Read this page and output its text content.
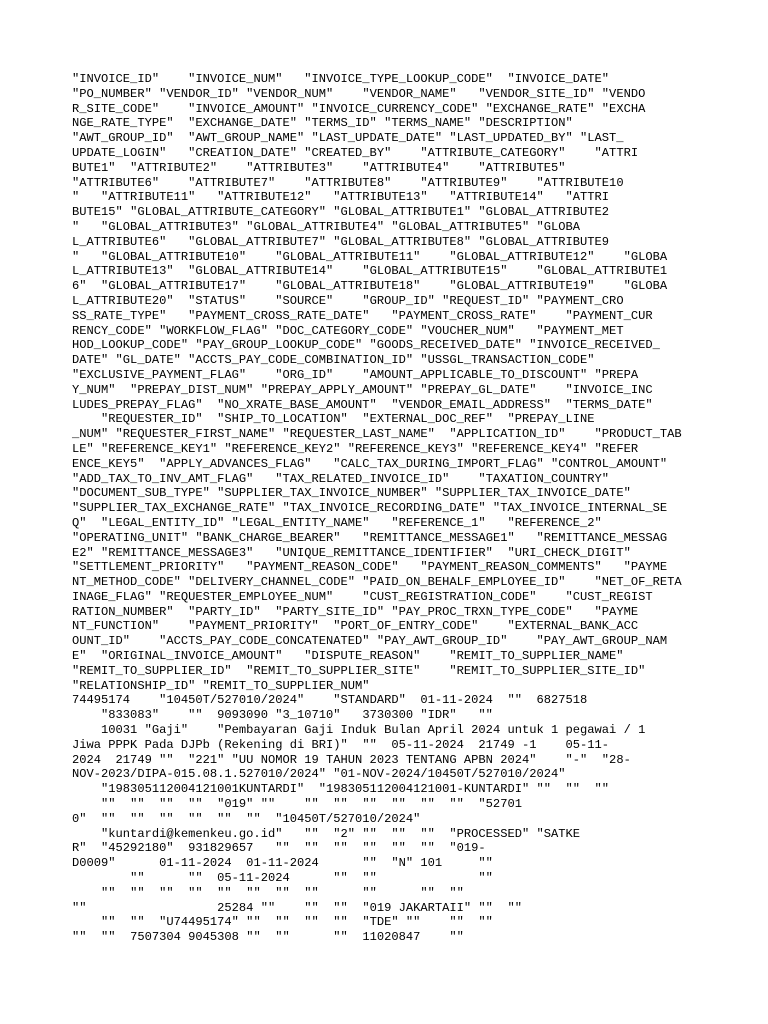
"INVOICE_ID"	"INVOICE_NUM"	"INVOICE_TYPE_LOOKUP_CODE"	"INVOICE_DATE"
"PO_NUMBER" "VENDOR_ID" "VENDOR_NUM"	"VENDOR_NAME"	"VENDOR_SITE_ID" "VENDO
R_SITE_CODE"	"INVOICE_AMOUNT" "INVOICE_CURRENCY_CODE" "EXCHANGE_RATE" "EXCHA
NGE_RATE_TYPE"	"EXCHANGE_DATE" "TERMS_ID" "TERMS_NAME"	"DESCRIPTION"
"AWT_GROUP_ID"	"AWT_GROUP_NAME" "LAST_UPDATE_DATE"	"LAST_UPDATED_BY" "LAST_
UPDATE_LOGIN"	"CREATION_DATE" "CREATED_BY"	"ATTRIBUTE_CATEGORY"	"ATTRI
BUTE1"	"ATTRIBUTE2"	"ATTRIBUTE3"	"ATTRIBUTE4"	"ATTRIBUTE5"
"ATTRIBUTE6"	"ATTRIBUTE7"	"ATTRIBUTE8"	"ATTRIBUTE9"	"ATTRIBUTE10
"	"ATTRIBUTE11"	"ATTRIBUTE12"	"ATTRIBUTE13"	"ATTRIBUTE14"	"ATTRI
BUTE15"	"GLOBAL_ATTRIBUTE_CATEGORY"	"GLOBAL_ATTRIBUTE1"	"GLOBAL_ATTRIBUTE2
"	"GLOBAL_ATTRIBUTE3"	"GLOBAL_ATTRIBUTE4"	"GLOBAL_ATTRIBUTE5"	"GLOBA
L_ATTRIBUTE6"	"GLOBAL_ATTRIBUTE7"	"GLOBAL_ATTRIBUTE8"	"GLOBAL_ATTRIBUTE9
"	"GLOBAL_ATTRIBUTE10"	"GLOBAL_ATTRIBUTE11"	"GLOBAL_ATTRIBUTE12"	"GLOBA
L_ATTRIBUTE13"	"GLOBAL_ATTRIBUTE14"	"GLOBAL_ATTRIBUTE15"	"GLOBAL_ATTRIBUTE1
6"	"GLOBAL_ATTRIBUTE17"	"GLOBAL_ATTRIBUTE18"	"GLOBAL_ATTRIBUTE19"	"GLOBA
L_ATTRIBUTE20"	"STATUS"	"SOURCE"	"GROUP_ID" "REQUEST_ID"	"PAYMENT_CRO
SS_RATE_TYPE"	"PAYMENT_CROSS_RATE_DATE"	"PAYMENT_CROSS_RATE"	"PAYMENT_CUR
RENCY_CODE" "WORKFLOW_FLAG"	"DOC_CATEGORY_CODE"	"VOUCHER_NUM"	"PAYMENT_MET
HOD_LOOKUP_CODE" "PAY_GROUP_LOOKUP_CODE" "GOODS_RECEIVED_DATE" "INVOICE_RECEIVED_
DATE" "GL_DATE"	"ACCTS_PAY_CODE_COMBINATION_ID"	"USSGL_TRANSACTION_CODE"
"EXCLUSIVE_PAYMENT_FLAG"	"ORG_ID"	"AMOUNT_APPLICABLE_TO_DISCOUNT"	"PREPA
Y_NUM"	"PREPAY_DIST_NUM" "PREPAY_APPLY_AMOUNT"	"PREPAY_GL_DATE"	"INVOICE_INC
LUDES_PREPAY_FLAG"	"NO_XRATE_BASE_AMOUNT"	"VENDOR_EMAIL_ADDRESS"	"TERMS_DATE"
	"REQUESTER_ID"	"SHIP_TO_LOCATION"	"EXTERNAL_DOC_REF"	"PREPAY_LINE
_NUM" "REQUESTER_FIRST_NAME" "REQUESTER_LAST_NAME"	"APPLICATION_ID"	"PRODUCT_TAB
LE"	"REFERENCE_KEY1" "REFERENCE_KEY2" "REFERENCE_KEY3" "REFERENCE_KEY4"	"REFER
ENCE_KEY5"	"APPLY_ADVANCES_FLAG"	"CALC_TAX_DURING_IMPORT_FLAG" "CONTROL_AMOUNT"
"ADD_TAX_TO_INV_AMT_FLAG"	"TAX_RELATED_INVOICE_ID"	"TAXATION_COUNTRY"
"DOCUMENT_SUB_TYPE"	"SUPPLIER_TAX_INVOICE_NUMBER" "SUPPLIER_TAX_INVOICE_DATE"
"SUPPLIER_TAX_EXCHANGE_RATE" "TAX_INVOICE_RECORDING_DATE" "TAX_INVOICE_INTERNAL_SE
Q"	"LEGAL_ENTITY_ID" "LEGAL_ENTITY_NAME"	"REFERENCE_1"	"REFERENCE_2"
"OPERATING_UNIT" "BANK_CHARGE_BEARER"	"REMITTANCE_MESSAGE1"	"REMITTANCE_MESSAG
E2"	"REMITTANCE_MESSAGE3"	"UNIQUE_REMITTANCE_IDENTIFIER"	"URI_CHECK_DIGIT"
"SETTLEMENT_PRIORITY"	"PAYMENT_REASON_CODE"	"PAYMENT_REASON_COMMENTS"	"PAYME
NT_METHOD_CODE"	"DELIVERY_CHANNEL_CODE" "PAID_ON_BEHALF_EMPLOYEE_ID"	"NET_OF_RETA
INAGE_FLAG" "REQUESTER_EMPLOYEE_NUM"	"CUST_REGISTRATION_CODE"	"CUST_REGIST
RATION_NUMBER"	"PARTY_ID"	"PARTY_SITE_ID"	"PAY_PROC_TRXN_TYPE_CODE"	"PAYME
NT_FUNCTION"	"PAYMENT_PRIORITY"	"PORT_OF_ENTRY_CODE"	"EXTERNAL_BANK_ACC
OUNT_ID"	"ACCTS_PAY_CODE_CONCATENATED" "PAY_AWT_GROUP_ID"	"PAY_AWT_GROUP_NAM
E"	"ORIGINAL_INVOICE_AMOUNT"	"DISPUTE_REASON"	"REMIT_TO_SUPPLIER_NAME"
"REMIT_TO_SUPPLIER_ID"	"REMIT_TO_SUPPLIER_SITE"	"REMIT_TO_SUPPLIER_SITE_ID"
"RELATIONSHIP_ID" "REMIT_TO_SUPPLIER_NUM"
74495174	"10450T/527010/2024"	"STANDARD"  01-11-2024  ""	6827518
	"833083"	""	9093090	"3_10710"	3730300	"IDR"	""
	10031 "Gaji"	"Pembayaran Gaji Induk Bulan April 2024 untuk 1 pegawai / 1
Jiwa PPPK Pada DJPb (Rekening di BRI)"	""	05-11-2024  21749 -1	05-11-
2024  21749 ""	"221" "UU NOMOR 19 TAHUN 2023 TENTANG APBN 2024"	"-"  "28-
NOV-2023/DIPA-015.08.1.527010/2024" "01-NOV-2024/10450T/527010/2024"
	"198305112004121001KUNTARDI"  "198305112004121001-KUNTARDI" ""	""	""
	""	""	""	""	"019" ""	""	""	""	""	""	""	"52701
0"	""	""	""	""	""	""	"10450T/527010/2024"
	"kuntardi@kemenkeu.go.id"	""	"2"	""	""	""	"PROCESSED" "SATKE
R"	"45292180"  931829657	""	""	""	""	""	""	"019-
D0009"		01-11-2024  01-11-2024		""	"N"	101		""
		""		""	05-11-2024		""	""				""
	""	""	""	""	""	""	""	""		""		""	""
""					25284 ""	""	""	"019 JAKARTAII"	""	""
	""	""	"U74495174" ""	""	""	""	"TDE" ""	""	""
""	""	7507304	9045308	""	""		""	11020847	""
